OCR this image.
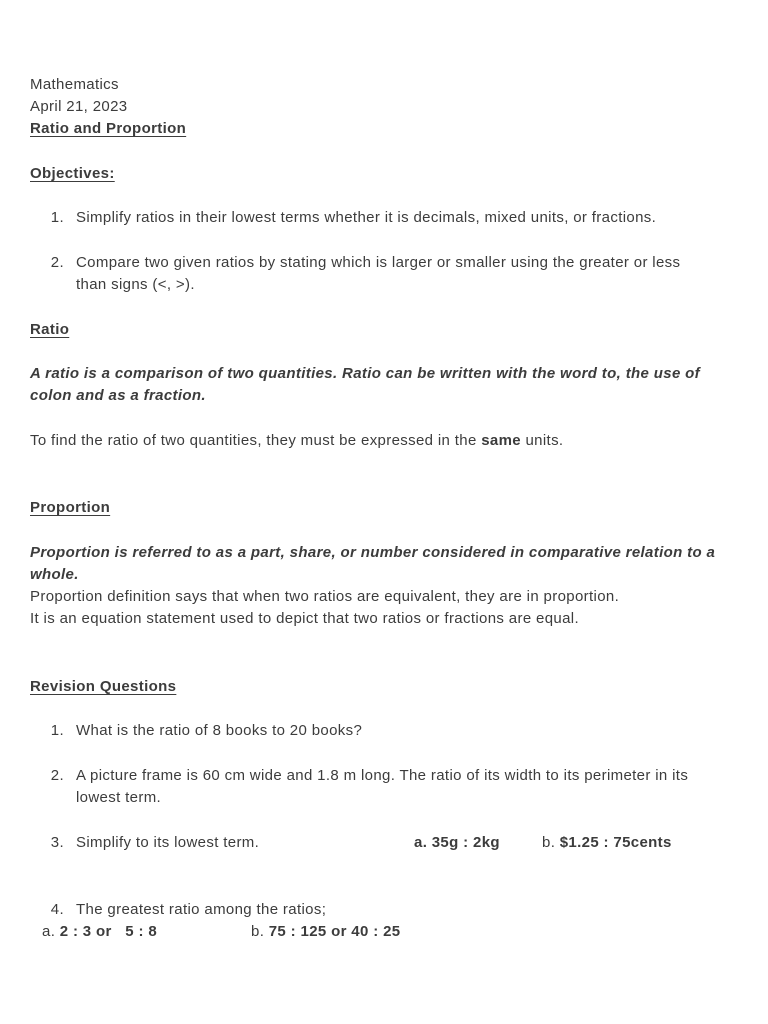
Mathematics
April 21, 2023
Ratio and Proportion
Objectives:
1. Simplify ratios in their lowest terms whether it is decimals, mixed units, or fractions.
2. Compare two given ratios by stating which is larger or smaller using the greater or less
than signs (<, >).
Ratio
A ratio is a comparison of two quantities. Ratio can be written with the word to, the use of
colon and as a fraction.
To find the ratio of two quantities, they must be expressed in the same units.
Proportion
Proportion is referred to as a part, share, or number considered in comparative relation to a
whole.
Proportion definition says that when two ratios are equivalent, they are in proportion.
It is an equation statement used to depict that two ratios or fractions are equal.
Revision Questions
1. What is the ratio of 8 books to 20 books?
2. A picture frame is 60 cm wide and 1.8 m long. The ratio of its width to its perimeter in its
lowest term.
3. Simplify to its lowest term.	a. 35g : 2kg	b. $1.25 : 75cents
4. The greatest ratio among the ratios;
a. 2 : 3 or   5 : 8	b. 75 : 125 or 40 : 25
